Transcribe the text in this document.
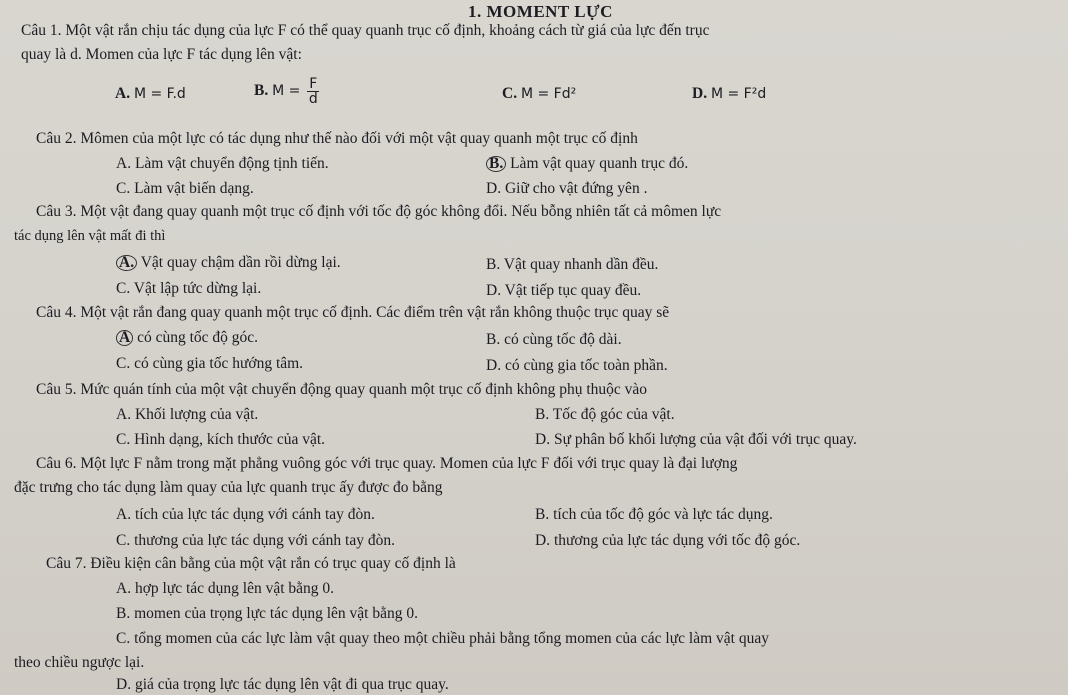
1. MOMENT LỰC
Câu 1. Một vật rắn chịu tác dụng của lực F có thể quay quanh trục cố định, khoảng cách từ giá của lực đến trục
quay là d. Momen của lực F tác dụng lên vật:
A. M = F.d	B. $M = \frac{F}{d}$	C. M = Fd²	D. M = F²d
Câu 2. Mômen của một lực có tác dụng như thế nào đối với một vật quay quanh một trục cố định
A. Làm vật chuyển động tịnh tiến.	B. Làm vật quay quanh trục đó.
C. Làm vật biến dạng.	D. Giữ cho vật đứng yên .
Câu 3. Một vật đang quay quanh một trục cố định với tốc độ góc không đổi. Nếu bỗng nhiên tất cả mômen lực
tác dụng lên vật mất đi thì
A. Vật quay chậm dần rồi dừng lại.	B. Vật quay nhanh dần đều.
C. Vật lập tức dừng lại.	D. Vật tiếp tục quay đều.
Câu 4. Một vật rắn đang quay quanh một trục cố định. Các điểm trên vật rắn không thuộc trục quay sẽ
A có cùng tốc độ góc.	B. có cùng tốc độ dài.
C. có cùng gia tốc hướng tâm.	D. có cùng gia tốc toàn phần.
Câu 5. Mức quán tính của một vật chuyển động quay quanh một trục cố định không phụ thuộc vào
A. Khối lượng của vật.	B. Tốc độ góc của vật.
C. Hình dạng, kích thước của vật.	D. Sự phân bố khối lượng của vật đối với trục quay.
Câu 6. Một lực F nằm trong mặt phẳng vuông góc với trục quay. Momen của lực F đối với trục quay là đại lượng
đặc trưng cho tác dụng làm quay của lực quanh trục ấy được đo bằng
A. tích của lực tác dụng với cánh tay đòn.	B. tích của tốc độ góc và lực tác dụng.
C. thương của lực tác dụng với cánh tay đòn.	D. thương của lực tác dụng với tốc độ góc.
Câu 7. Điều kiện cân bằng của một vật rắn có trục quay cố định là
A. hợp lực tác dụng lên vật bằng 0.
B. momen của trọng lực tác dụng lên vật bằng 0.
C. tổng momen của các lực làm vật quay theo một chiều phải bằng tổng momen của các lực làm vật quay
theo chiều ngược lại.
D. giá của trọng lực tác dụng lên vật đi qua trục quay.
